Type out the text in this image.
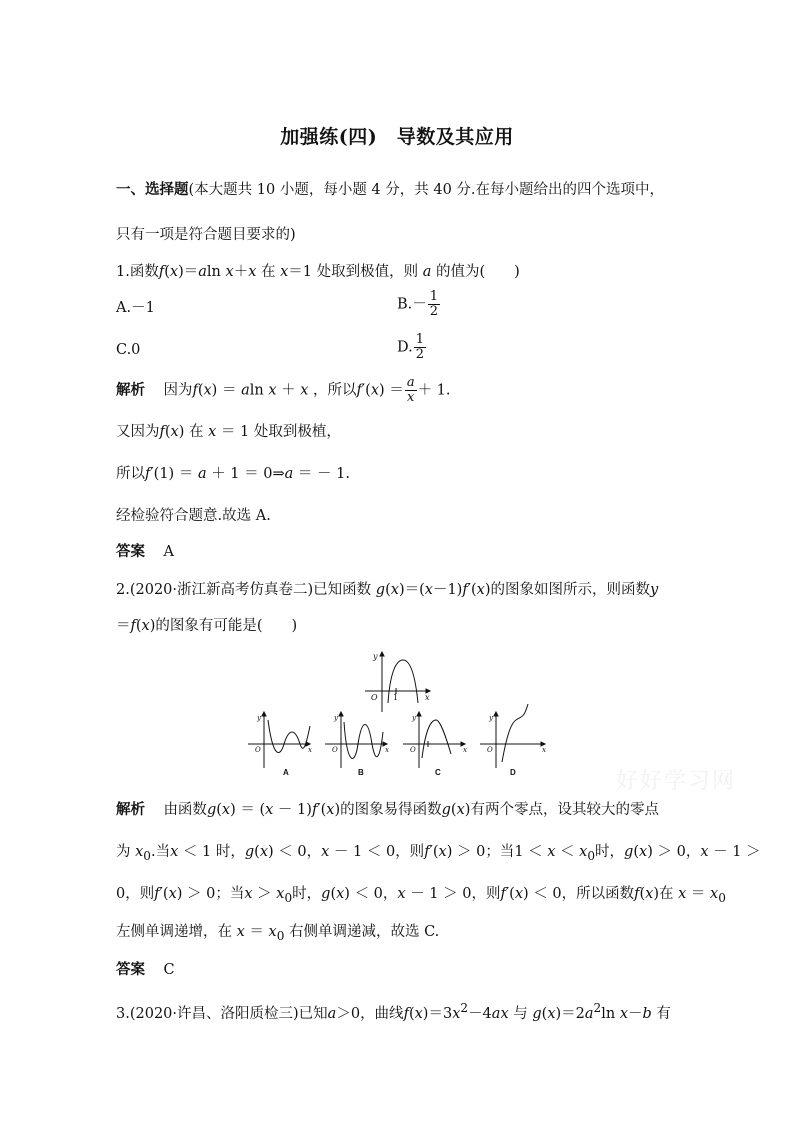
加强练(四)　导数及其应用
一、选择题(本大题共 10 小题，每小题 4 分，共 40 分.在每小题给出的四个选项中，
只有一项是符合题目要求的)
1.函数f(x)＝aln x＋x 在 x＝1 处取到极值，则 a 的值为(　　)
A.－1	$B.- \frac{1}{2}$
C.0	D. $\frac{1}{2}$
解析 因为f(x) ＝ aln x ＋ x ，所以$f'(x) = \frac{a}{x} + 1$.
又因为f(x) 在 x ＝ 1 处取到极植，
所以f′(1) ＝ a ＋ 1 ＝ 0⇒a ＝ － 1.
经检验符合题意.故选 A.
答案 A
2.(2020·浙江新高考仿真卷二)已知函数 g(x)＝(x－1)f′(x)的图象如图所示，则函数y
＝f(x)的图象有可能是(　　)
y
O 1	x
O	O	O	O
y	y	y	y
x	x	x	x
A	B	C	D
解析 由函数g(x) ＝ (x － 1)f′(x)的图象易得函数g(x)有两个零点，设其较大的零点
为 $x_0$.当x ＜ 1 时，g(x) ＜ 0，x － 1 ＜ 0，则f′(x) ＞ 0；当$1 < x < x_0$时，g(x) ＞ 0，x － 1 ＞
0，则f′(x) ＞ 0；当$x > x_0$时，g(x) ＜ 0，x － 1 ＞ 0，则f′(x) ＜ 0，所以函数f(x)在 $x = x_0$
左侧单调递增，在 $x = x_0$ 右侧单调递减，故选 C.
答案 C
3.(2020·许昌、洛阳质检三)已知a＞0，曲线$f(x)=3x^2-4ax$ 与 $g(x)=2a^2\ln$ x－b 有
好好学习网
